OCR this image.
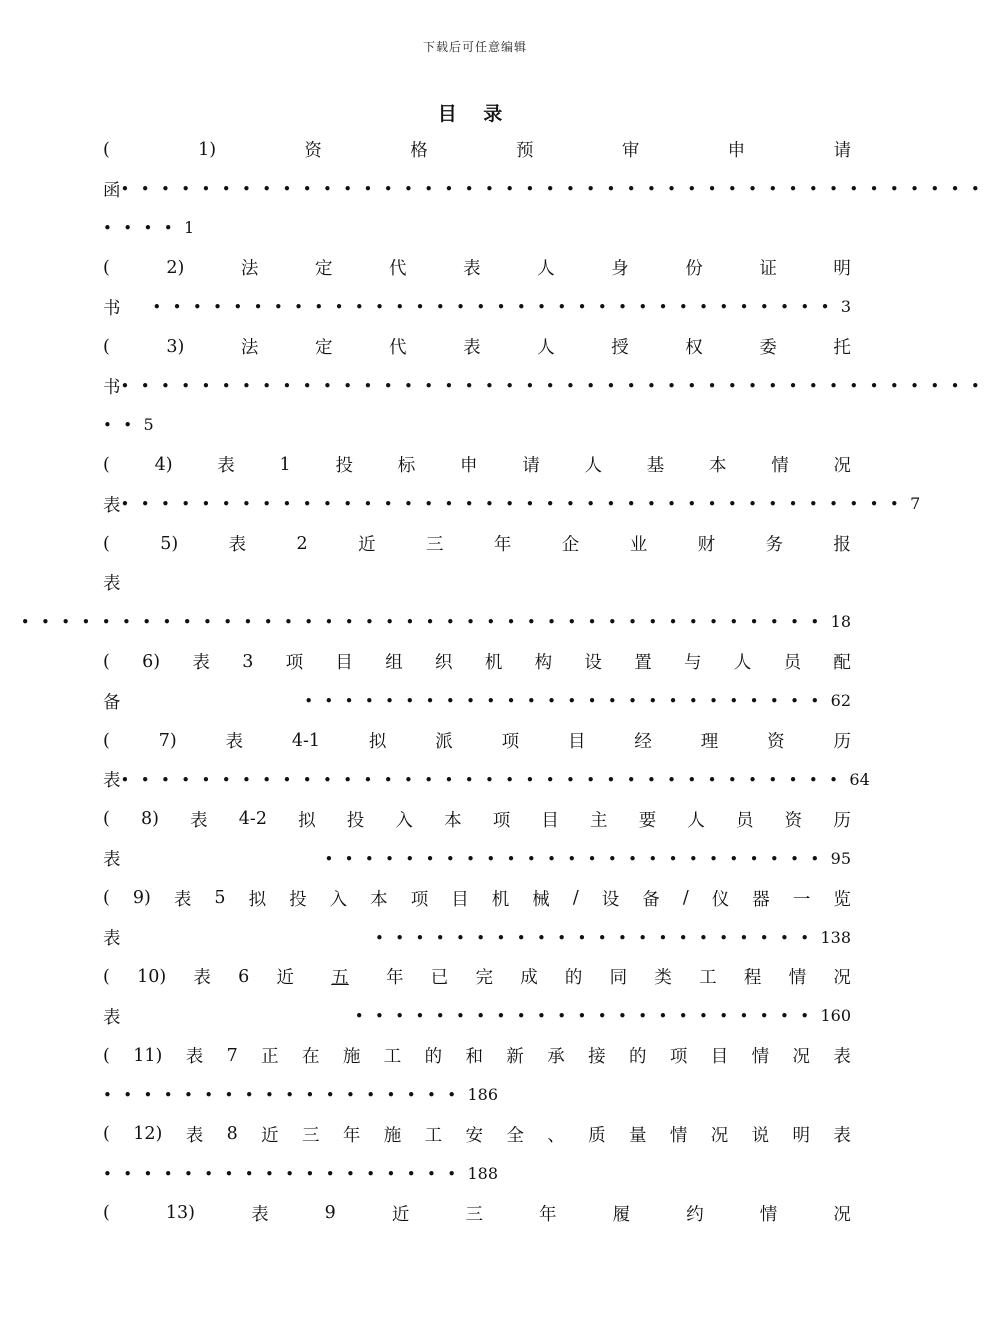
下载后可任意编辑
目 录
(	1)	资	格	预	审	申	请
函 •••••••••••••••••••••••••••••••••••••••••••
••••1
(	2)	法	定	代	表	人	身	份	证	明
书 ••••••••••••••••••••••••••••••••••3
(	3)	法	定	代	表	人	授	权	委	托
书 •••••••••••••••••••••••••••••••••••••••••••
••5
(	4)	表	1	投	标	申	请	人	基	本	情	况
表 •••••••••••••••••••••••••••••••••••••••7
(	5)	表	2	近	三	年	企	业	财	务	报
表
••••••••••••••••••••••••••••••••••••••••18
( 6) 表 3 项 目 组 织 机 构 设 置 与 人 员 配
备	••••••••••••••••••••••••••62
(	7)	表	4-1	拟	派	项	目	经	理	资	历
表 ••••••••••••••••••••••••••••••••••••64
( 8) 表 4-2 拟 投 入 本 项 目 主 要 人 员 资 历
表	•••••••••••••••••••••••••95
( 9) 表 5 拟 投 入 本 项 目 机 械 / 设 备 / 仪 器 一 览
表	••••••••••••••••••••••138
( 10) 表 6 近	五	年 已 完 成 的 同 类 工 程 情 况
表	•••••••••••••••••••••••160
( 11) 表 7 正 在 施 工 的 和 新 承 接 的 项 目 情 况 表
••••••••••••••••••186
( 12) 表 8 近 三 年 施 工 安 全 、 质 量 情 况 说 明 表
••••••••••••••••••188
(	13)	表	9	近	三	年	履	约	情	况
